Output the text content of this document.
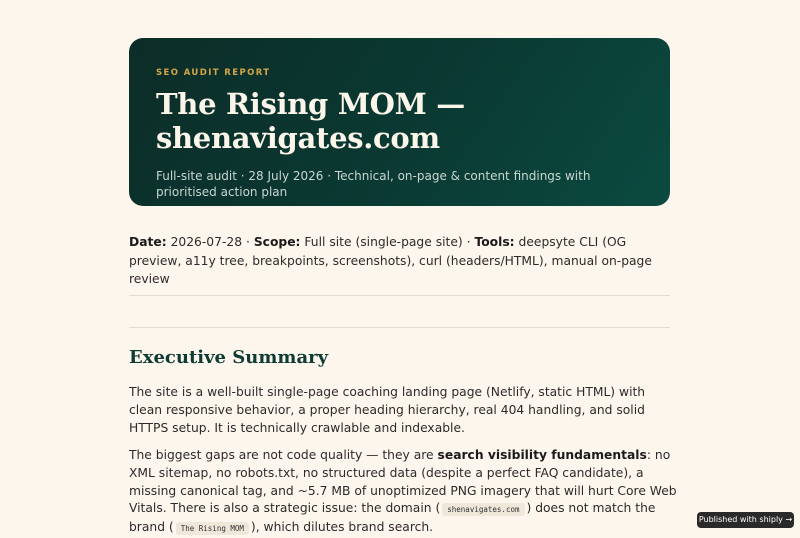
SEO AUDIT REPORT

The Rising MOM —
shenavigates.com

Full-site audit · 28 July 2026 · Technical, on-page & content findings with prioritised action plan

Date: 2026-07-28 · Scope: Full site (single-page site) · Tools: deepsyte CLI (OG preview, a11y tree, breakpoints, screenshots), curl (headers/HTML), manual on-page review

Executive Summary

The site is a well-built single-page coaching landing page (Netlify, static HTML) with clean responsive behavior, a proper heading hierarchy, real 404 handling, and solid HTTPS setup. It is technically crawlable and indexable.

The biggest gaps are not code quality — they are search visibility fundamentals: no XML sitemap, no robots.txt, no structured data (despite a perfect FAQ candidate), a missing canonical tag, and ~5.7 MB of unoptimized PNG imagery that will hurt Core Web Vitals. There is also a strategic issue: the domain ( shenavigates.com ) does not match the brand ( The Rising MOM ), which dilutes brand search.

Published with shiply →
